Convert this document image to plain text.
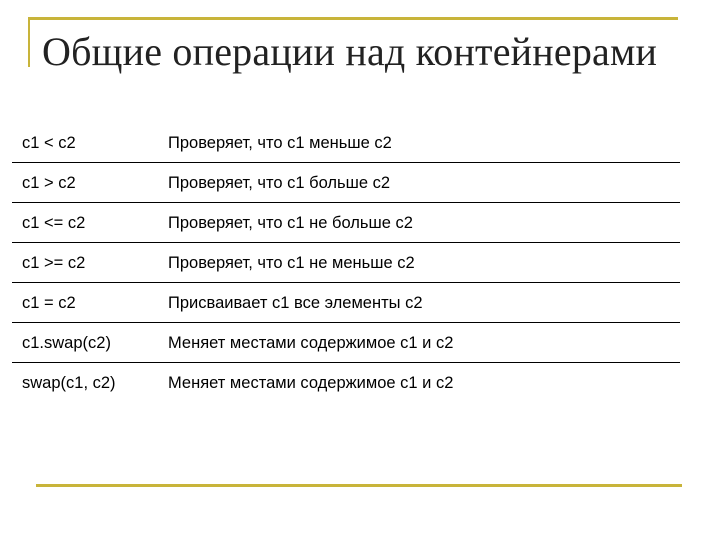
Общие операции над контейнерами
c1 < c2	Проверяет, что с1 меньше с2
c1 > c2	Проверяет, что с1 больше с2
c1 <= c2	Проверяет, что с1 не больше с2
c1 >= c2	Проверяет, что с1 не меньше с2
c1 = c2	Присваивает с1 все элементы с2
c1.swap(c2)	Меняет местами содержимое с1 и с2
swap(c1, c2)	Меняет местами содержимое с1 и с2
